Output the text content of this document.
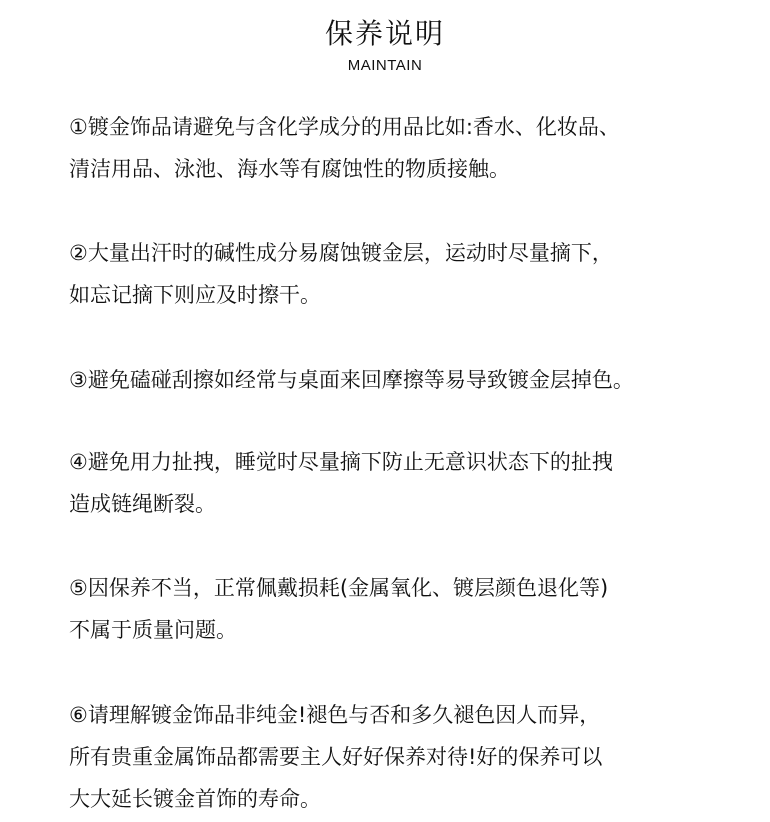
保养说明
MAINTAIN
①镀金饰品请避免与含化学成分的用品比如:香水、化妆品、
清洁用品、泳池、海水等有腐蚀性的物质接触。
②大量出汗时的碱性成分易腐蚀镀金层，运动时尽量摘下，
如忘记摘下则应及时擦干。
③避免磕碰刮擦如经常与桌面来回摩擦等易导致镀金层掉色。
④避免用力扯拽，睡觉时尽量摘下防止无意识状态下的扯拽
造成链绳断裂。
⑤因保养不当，正常佩戴损耗(金属氧化、镀层颜色退化等)
不属于质量问题。
⑥请理解镀金饰品非纯金!褪色与否和多久褪色因人而异，
所有贵重金属饰品都需要主人好好保养对待!好的保养可以
大大延长镀金首饰的寿命。
